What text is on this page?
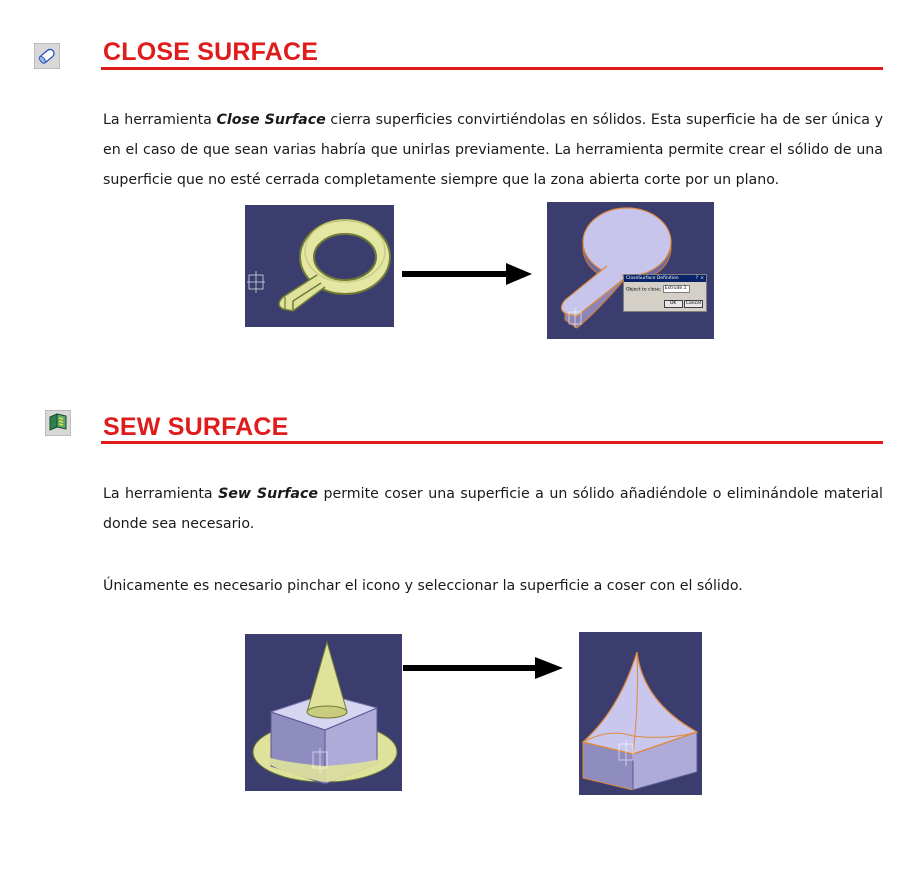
CLOSE SURFACE

La herramienta Close Surface cierra superficies convirtiéndolas en sólidos. Esta superficie ha de ser única y en el caso de que sean varias habría que unirlas previamente. La herramienta permite crear el sólido de una superficie que no esté cerrada completamente siempre que la zona abierta corte por un plano.

CloseSurface Definition	? ×
Object to close: Extrude.1
OK Cancel
SEW SURFACE

La herramienta Sew Surface permite coser una superficie a un sólido añadiéndole o eliminándole material donde sea necesario.

Únicamente es necesario pinchar el icono y seleccionar la superficie a coser con el sólido.
